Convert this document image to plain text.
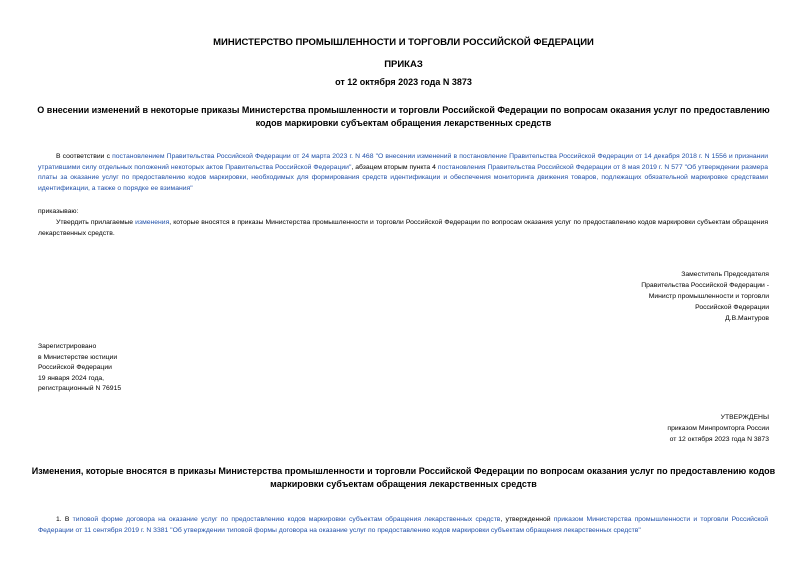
МИНИСТЕРСТВО ПРОМЫШЛЕННОСТИ И ТОРГОВЛИ РОССИЙСКОЙ ФЕДЕРАЦИИ
ПРИКАЗ
от 12 октября 2023 года N 3873
О внесении изменений в некоторые приказы Министерства промышленности и торговли Российской Федерации по вопросам оказания услуг по предоставлению кодов маркировки субъектам обращения лекарственных средств
В соответствии с постановлением Правительства Российской Федерации от 24 марта 2023 г. N 468 "О внесении изменений в постановление Правительства Российской Федерации от 14 декабря 2018 г. N 1556 и признании утратившими силу отдельных положений некоторых актов Правительства Российской Федерации", абзацем вторым пункта 4 постановления Правительства Российской Федерации от 8 мая 2019 г. N 577 "Об утверждении размера платы за оказание услуг по предоставлению кодов маркировки, необходимых для формирования средств идентификации и обеспечения мониторинга движения товаров, подлежащих обязательной маркировке средствами идентификации, а также о порядке ее взимания"
приказываю:
Утвердить прилагаемые изменения, которые вносятся в приказы Министерства промышленности и торговли Российской Федерации по вопросам оказания услуг по предоставлению кодов маркировки субъектам обращения лекарственных средств.
Заместитель Председателя
Правительства Российской Федерации -
Министр промышленности и торговли
Российской Федерации
Д.В.Мантуров
Зарегистрировано
в Министерстве юстиции
Российской Федерации
19 января 2024 года,
регистрационный N 76915
УТВЕРЖДЕНЫ
приказом Минпромторга России
от 12 октября 2023 года N 3873
Изменения, которые вносятся в приказы Министерства промышленности и торговли Российской Федерации по вопросам оказания услуг по предоставлению кодов маркировки субъектам обращения лекарственных средств
1. В типовой форме договора на оказание услуг по предоставлению кодов маркировки субъектам обращения лекарственных средств, утвержденной приказом Министерства промышленности и торговли Российской Федерации от 11 сентября 2019 г. N 3381 "Об утверждении типовой формы договора на оказание услуг по предоставлению кодов маркировки субъектам обращения лекарственных средств"
